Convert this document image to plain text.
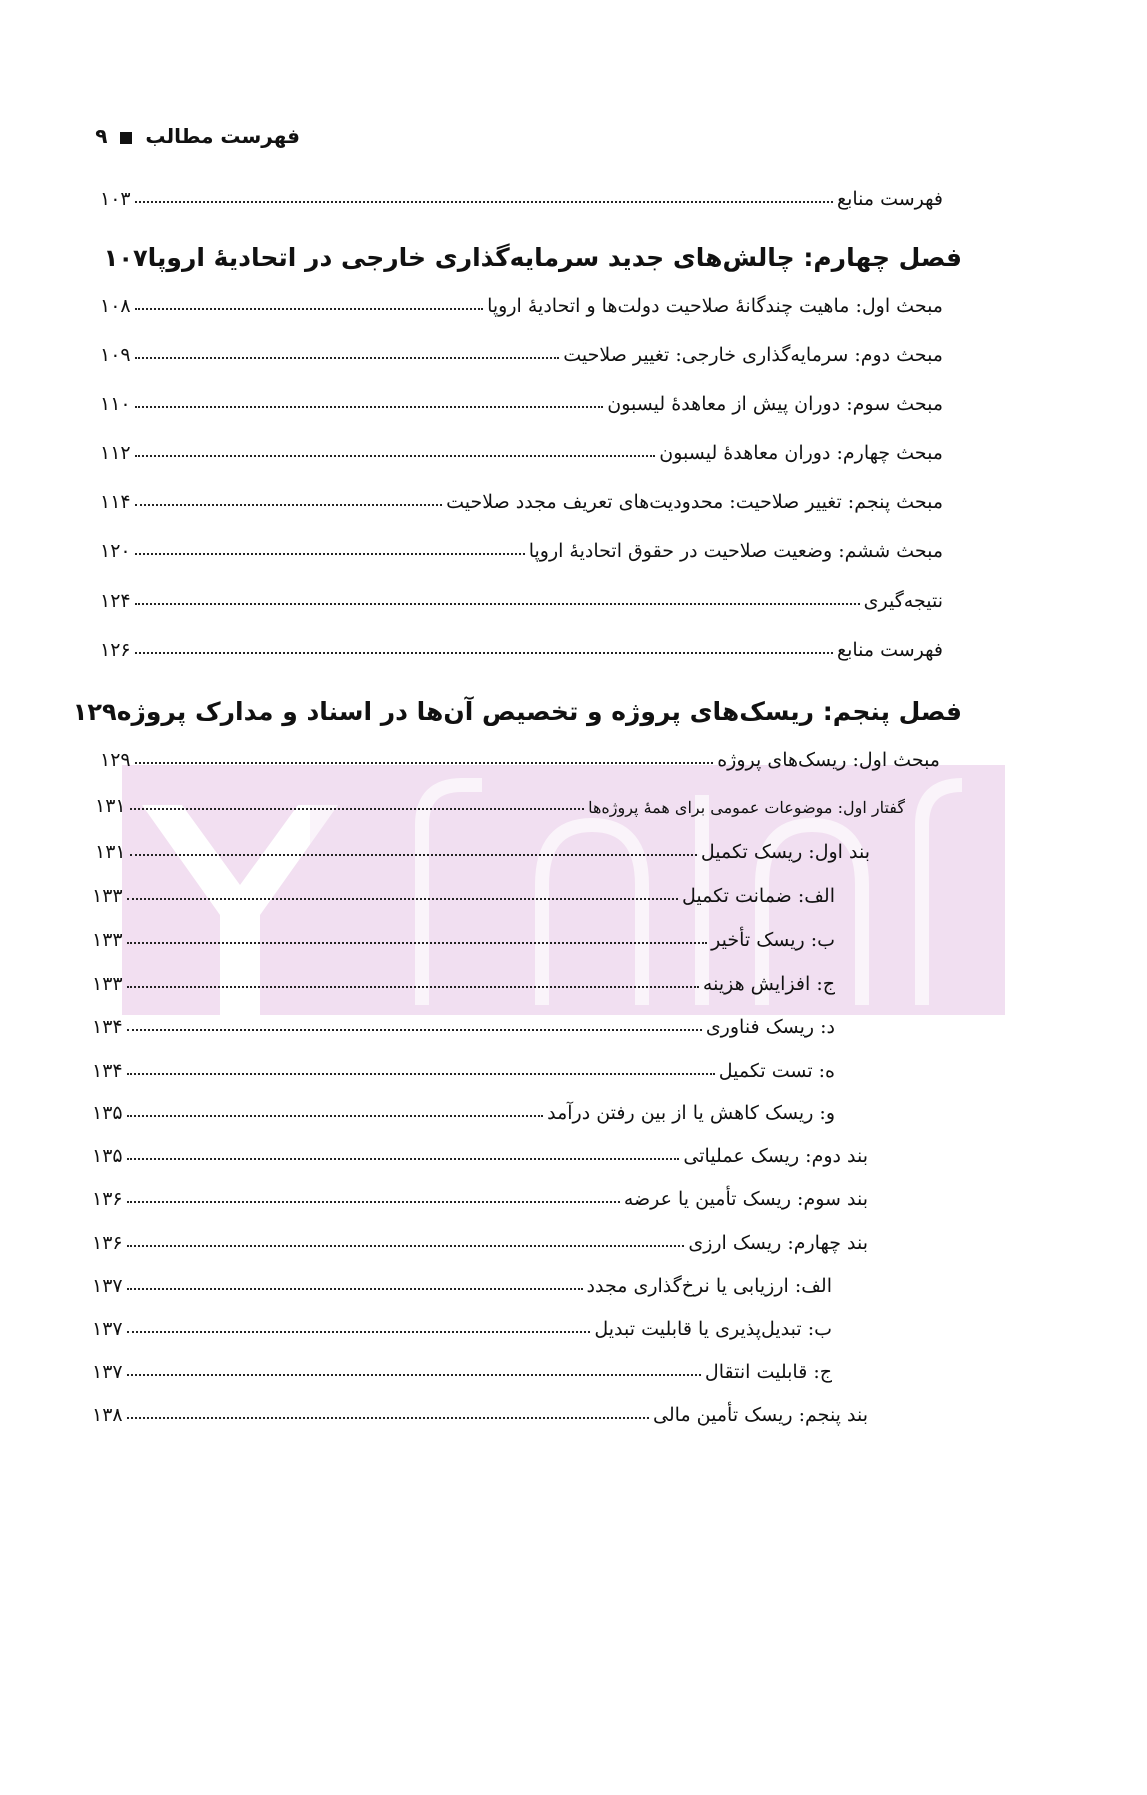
فهرست مطالب  ۹
فهرست منابع
۱۰۳
فصل چهارم: چالش‌های جدید سرمایه‌گذاری خارجی در اتحادیهٔ اروپا
۱۰۷
مبحث اول: ماهیت چندگانهٔ صلاحیت دولت‌ها و اتحادیهٔ اروپا
۱۰۸
مبحث دوم: سرمایه‌گذاری خارجی: تغییر صلاحیت
۱۰۹
مبحث سوم: دوران پیش از معاهدهٔ لیسبون
۱۱۰
مبحث چهارم: دوران معاهدهٔ لیسبون
۱۱۲
مبحث پنجم: تغییر صلاحیت: محدودیت‌های تعریف مجدد صلاحیت
۱۱۴
مبحث ششم: وضعیت صلاحیت در حقوق اتحادیهٔ اروپا
۱۲۰
نتیجه‌گیری
۱۲۴
فهرست منابع
۱۲۶
فصل پنجم: ریسک‌های پروژه و تخصیص آن‌ها در اسناد و مدارک پروژه
۱۲۹
مبحث اول: ریسک‌های پروژه
۱۲۹
گفتار اول: موضوعات عمومی برای همهٔ پروژه‌ها
۱۳۱
بند اول: ریسک تکمیل
۱۳۱
الف: ضمانت تکمیل
۱۳۳
ب: ریسک تأخیر
۱۳۳
ج: افزایش هزینه
۱۳۳
د: ریسک فناوری
۱۳۴
ه: تست تکمیل
۱۳۴
و: ریسک کاهش یا از بین رفتن درآمد
۱۳۵
بند دوم: ریسک عملیاتی
۱۳۵
بند سوم: ریسک تأمین یا عرضه
۱۳۶
بند چهارم: ریسک ارزی
۱۳۶
الف: ارزیابی یا نرخ‌گذاری مجدد
۱۳۷
ب: تبدیل‌پذیری یا قابلیت تبدیل
۱۳۷
ج: قابلیت انتقال
۱۳۷
بند پنجم: ریسک تأمین مالی
۱۳۸
